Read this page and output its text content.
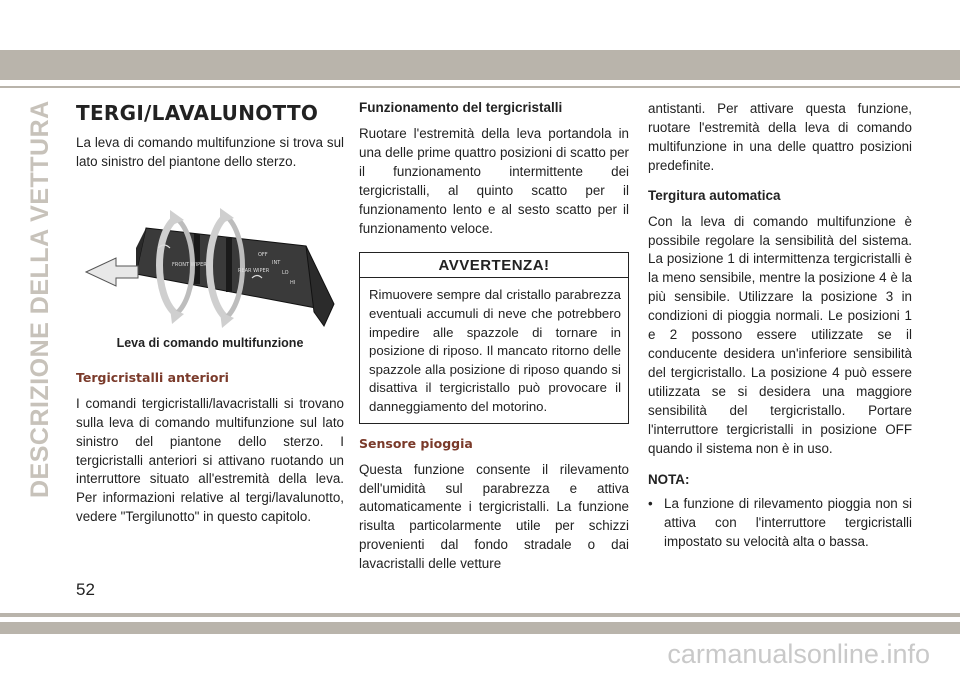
DESCRIZIONE DELLA VETTURA TERGI/LAVALUNOTTO

La leva di comando multifunzione si trova sul lato sinistro del piantone dello sterzo.

FRONT WIPER
REAR WIPER
OFF
INT
LO
HI

Leva di comando multifunzione

Tergicristalli anteriori

I comandi tergicristalli/lavacristalli si trovano sulla leva di comando multifunzione sul lato sinistro del piantone dello sterzo. I tergicristalli anteriori si attivano ruotando un interruttore situato all'estremità della leva. Per informazioni relative al tergi/lavalunotto, vedere "Tergilunotto" in questo capitolo.

Funzionamento del tergicristalli

Ruotare l'estremità della leva portandola in una delle prime quattro posizioni di scatto per il funzionamento intermittente dei tergicristalli, al quinto scatto per il funzionamento lento e al sesto scatto per il funzionamento veloce.

AVVERTENZA!
Rimuovere sempre dal cristallo parabrezza eventuali accumuli di neve che potrebbero impedire alle spazzole di tornare in posizione di riposo. Il mancato ritorno delle spazzole alla posizione di riposo quando si disattiva il tergicristallo può provocare il danneggiamento del motorino.
Sensore pioggia

Questa funzione consente il rilevamento dell'umidità sul parabrezza e attiva automaticamente i tergicristalli. La funzione risulta particolarmente utile per schizzi provenienti dal fondo stradale o dai lavacristalli delle vetture

antistanti. Per attivare questa funzione, ruotare l'estremità della leva di comando multifunzione in una delle quattro posizioni predefinite.

Tergitura automatica

Con la leva di comando multifunzione è possibile regolare la sensibilità del sistema. La posizione 1 di intermittenza tergicristalli è la meno sensibile, mentre la posizione 4 è la più sensibile. Utilizzare la posizione 3 in condizioni di pioggia normali. Le posizioni 1 e 2 possono essere utilizzate se il conducente desidera un'inferiore sensibilità del tergicristallo. La posizione 4 può essere utilizzata se si desidera una maggiore sensibilità del tergicristallo. Portare l'interruttore tergicristalli in posizione OFF quando il sistema non è in uso.

NOTA:
• La funzione di rilevamento pioggia non si attiva con l'interruttore tergicristalli impostato su velocità alta o bassa.
52
carmanualsonline.info
